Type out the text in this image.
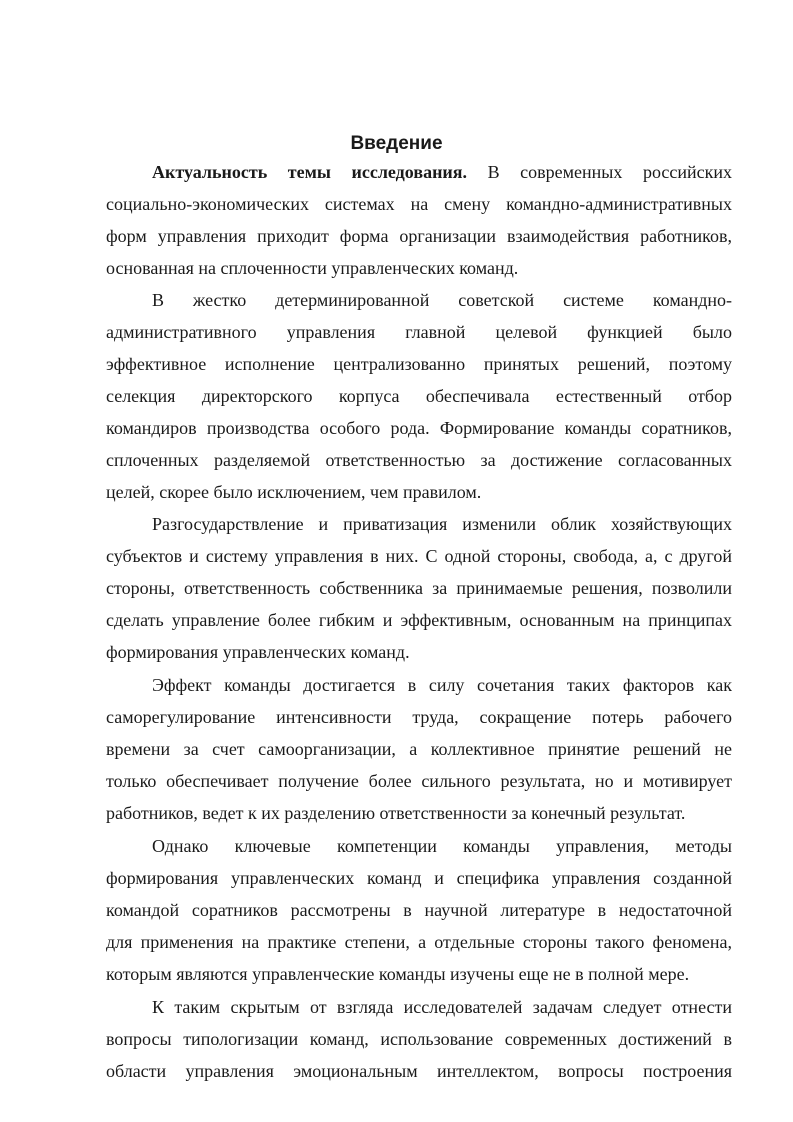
Введение
Актуальность темы исследования. В современных российских
социально-экономических системах на смену командно-административных
форм управления приходит форма организации взаимодействия работников,
основанная на сплоченности управленческих команд.
В жестко детерминированной советской системе командно-
административного управления главной целевой функцией было
эффективное исполнение централизованно принятых решений, поэтому
селекция директорского корпуса обеспечивала естественный отбор
командиров производства особого рода. Формирование команды соратников,
сплоченных разделяемой ответственностью за достижение согласованных
целей, скорее было исключением, чем правилом.
Разгосударствление и приватизация изменили облик хозяйствующих
субъектов и систему управления в них. С одной стороны, свобода, а, с другой
стороны, ответственность собственника за принимаемые решения, позволили
сделать управление более гибким и эффективным, основанным на принципах
формирования управленческих команд.
Эффект команды достигается в силу сочетания таких факторов как
саморегулирование интенсивности труда, сокращение потерь рабочего
времени за счет самоорганизации, а коллективное принятие решений не
только обеспечивает получение более сильного результата, но и мотивирует
работников, ведет к их разделению ответственности за конечный результат.
Однако ключевые компетенции команды управления, методы
формирования управленческих команд и специфика управления созданной
командой соратников рассмотрены в научной литературе в недостаточной
для применения на практике степени, а отдельные стороны такого феномена,
которым являются управленческие команды изучены еще не в полной мере.
К таким скрытым от взгляда исследователей задачам следует отнести
вопросы типологизации команд, использование современных достижений в
области управления эмоциональным интеллектом, вопросы построения
